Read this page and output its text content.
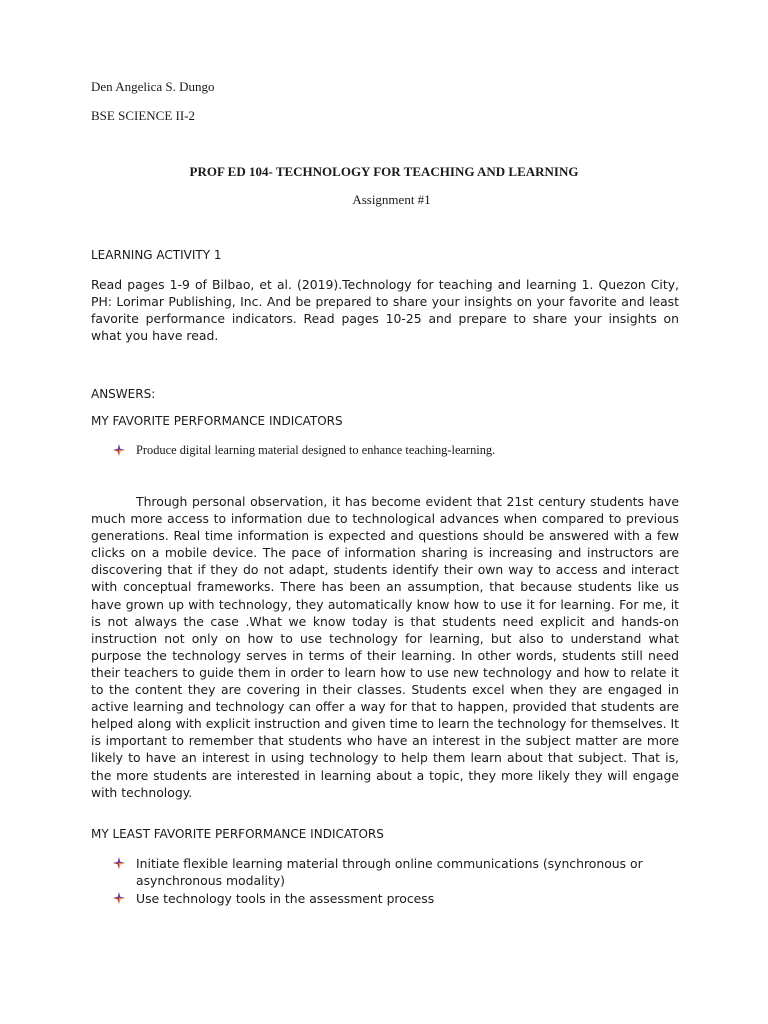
Den Angelica S. Dungo

BSE SCIENCE II-2

PROF ED 104- TECHNOLOGY FOR TEACHING AND LEARNING

Assignment #1

LEARNING ACTIVITY 1

Read pages 1-9 of Bilbao, et al. (2019).Technology for teaching and learning 1. Quezon City, PH: Lorimar Publishing, Inc. And be prepared to share your insights on your favorite and least favorite performance indicators. Read pages 10-25 and prepare to share your insights on what you have read.

ANSWERS:

MY FAVORITE PERFORMANCE INDICATORS

Produce digital learning material designed to enhance teaching-learning.

Through personal observation, it has become evident that 21st century students have much more access to information due to technological advances when compared to previous generations. Real time information is expected and questions should be answered with a few clicks on a mobile device. The pace of information sharing is increasing and instructors are discovering that if they do not adapt, students identify their own way to access and interact with conceptual frameworks. There has been an assumption, that because students like us have grown up with technology, they automatically know how to use it for learning. For me, it is not always the case .What we know today is that students need explicit and hands-on instruction not only on how to use technology for learning, but also to understand what purpose the technology serves in terms of their learning. In other words, students still need their teachers to guide them in order to learn how to use new technology and how to relate it to the content they are covering in their classes. Students excel when they are engaged in active learning and technology can offer a way for that to happen, provided that students are helped along with explicit instruction and given time to learn the technology for themselves. It is important to remember that students who have an interest in the subject matter are more likely to have an interest in using technology to help them learn about that subject. That is, the more students are interested in learning about a topic, they more likely they will engage with technology.

MY LEAST FAVORITE PERFORMANCE INDICATORS

Initiate flexible learning material through online communications (synchronous or asynchronous modality)
Use technology tools in the assessment process
